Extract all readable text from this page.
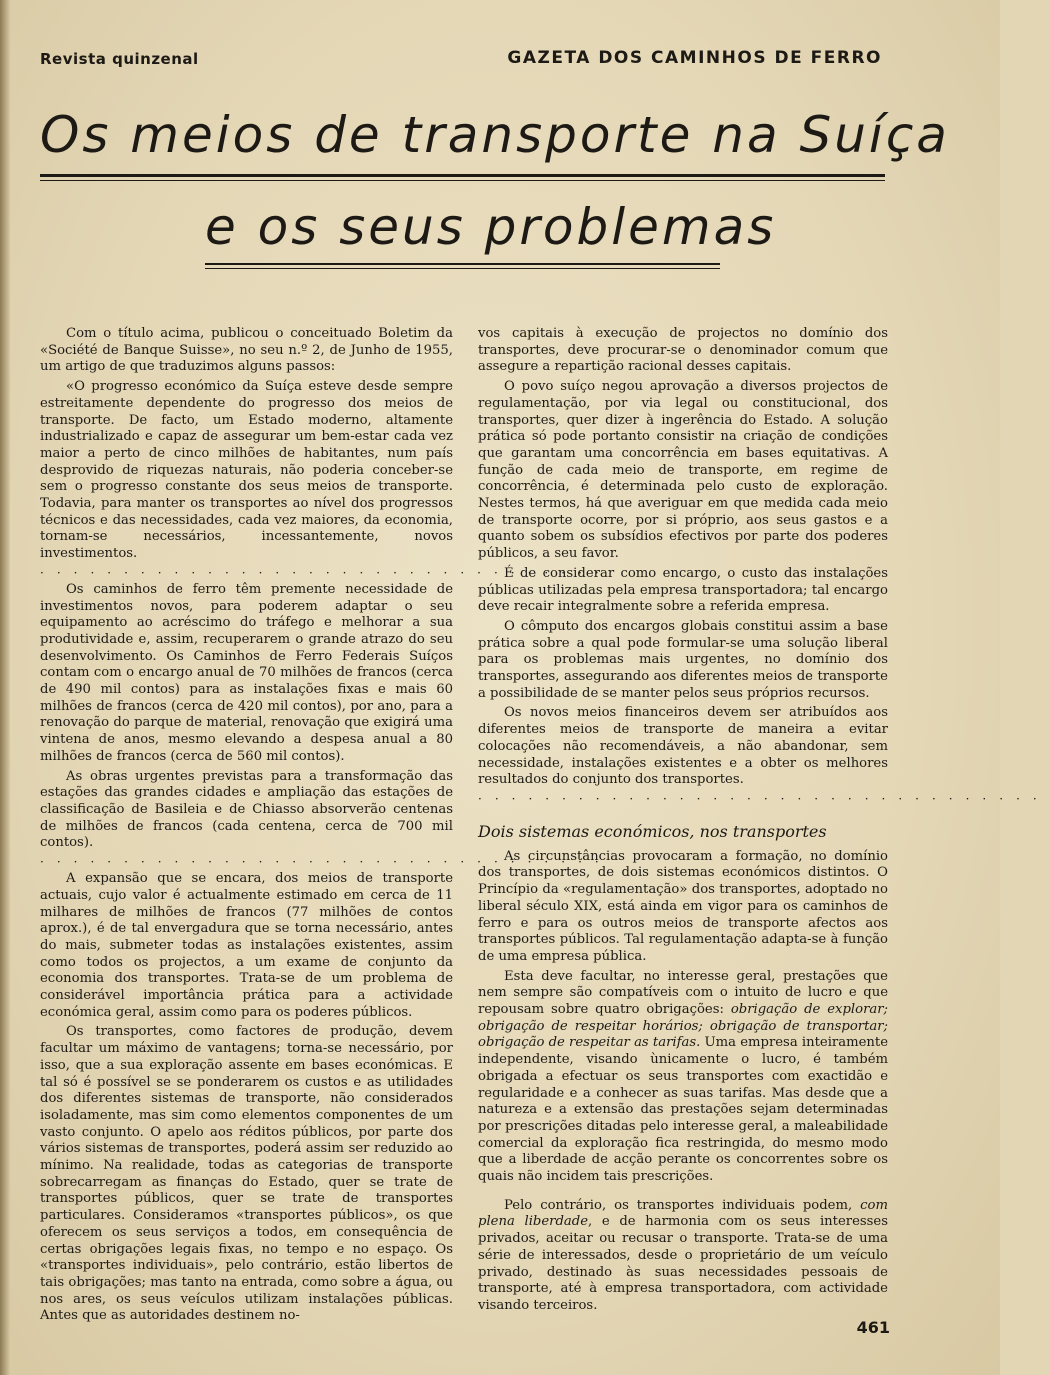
Revista quinzenal	GAZETA DOS CAMINHOS DE FERRO
Os meios de transporte na Suíça
e os seus problemas

Com o título acima, publicou o conceituado Boletim da «Société de Banque Suisse», no seu n.º 2, de Junho de 1955, um artigo de que traduzimos alguns passos:

«O progresso económico da Suíça esteve desde sempre estreitamente dependente do progresso dos meios de transporte. De facto, um Estado moderno, altamente industrializado e capaz de assegurar um bem-estar cada vez maior a perto de cinco milhões de habitantes, num país desprovido de riquezas naturais, não poderia conceber-se sem o progresso constante dos seus meios de transporte. Todavia, para manter os transportes ao nível dos progressos técnicos e das necessidades, cada vez maiores, da economia, tornam-se necessários, incessantemente, novos investimentos.

··································

Os caminhos de ferro têm premente necessidade de investimentos novos, para poderem adaptar o seu equipamento ao acréscimo do tráfego e melhorar a sua produtividade e, assim, recuperarem o grande atrazo do seu desenvolvimento. Os Caminhos de Ferro Federais Suíços contam com o encargo anual de 70 milhões de francos (cerca de 490 mil contos) para as instalações fixas e mais 60 milhões de francos (cerca de 420 mil contos), por ano, para a renovação do parque de material, renovação que exigirá uma vintena de anos, mesmo elevando a despesa anual a 80 milhões de francos (cerca de 560 mil contos).

As obras urgentes previstas para a transformação das estações das grandes cidades e ampliação das estações de classificação de Basileia e de Chiasso absorverão centenas de milhões de francos (cada centena, cerca de 700 mil contos).

··································

A expansão que se encara, dos meios de transporte actuais, cujo valor é actualmente estimado em cerca de 11 milhares de milhões de francos (77 milhões de contos aprox.), é de tal envergadura que se torna necessário, antes do mais, submeter todas as instalações existentes, assim como todos os projectos, a um exame de conjunto da economia dos transportes. Trata-se de um problema de considerável importância prática para a actividade económica geral, assim como para os poderes públicos.

Os transportes, como factores de produção, devem facultar um máximo de vantagens; torna-se necessário, por isso, que a sua exploração assente em bases económicas. E tal só é possível se se ponderarem os custos e as utilidades dos diferentes sistemas de transporte, não considerados isoladamente, mas sim como elementos componentes de um vasto conjunto. O apelo aos réditos públicos, por parte dos vários sistemas de transportes, poderá assim ser reduzido ao mínimo. Na realidade, todas as categorias de transporte sobrecarregam as finanças do Estado, quer se trate de transportes públicos, quer se trate de transportes particulares. Consideramos «transportes públicos», os que oferecem os seus serviços a todos, em consequência de certas obrigações legais fixas, no tempo e no espaço. Os «transportes individuais», pelo contrário, estão libertos de tais obrigações; mas tanto na entrada, como sobre a água, ou nos ares, os seus veículos utilizam instalações públicas. Antes que as autoridades destinem no-

vos capitais à execução de projectos no domínio dos transportes, deve procurar-se o denominador comum que assegure a repartição racional desses capitais.

O povo suíço negou aprovação a diversos projectos de regulamentação, por via legal ou constitucional, dos transportes, quer dizer à ingerência do Estado. A solução prática só pode portanto consistir na criação de condições que garantam uma concorrência em bases equitativas. A função de cada meio de transporte, em regime de concorrência, é determinada pelo custo de exploração. Nestes termos, há que averiguar em que medida cada meio de transporte ocorre, por si próprio, aos seus gastos e a quanto sobem os subsídios efectivos por parte dos poderes públicos, a seu favor.

É de considerar como encargo, o custo das instalações públicas utilizadas pela empresa transportadora; tal encargo deve recair integralmente sobre a referida empresa.

O cômputo dos encargos globais constitui assim a base prática sobre a qual pode formular-se uma solução liberal para os problemas mais urgentes, no domínio dos transportes, assegurando aos diferentes meios de transporte a possibilidade de se manter pelos seus próprios recursos.

Os novos meios financeiros devem ser atribuídos aos diferentes meios de transporte de maneira a evitar colocações não recomendáveis, a não abandonar, sem necessidade, instalações existentes e a obter os melhores resultados do conjunto dos transportes.

··································
Dois sistemas económicos, nos transportes

As circunstâncias provocaram a formação, no domínio dos transportes, de dois sistemas económicos distintos. O Princípio da «regulamentação» dos transportes, adoptado no liberal século XIX, está ainda em vigor para os caminhos de ferro e para os outros meios de transporte afectos aos transportes públicos. Tal regulamentação adapta-se à função de uma empresa pública.

Esta deve facultar, no interesse geral, prestações que nem sempre são compatíveis com o intuito de lucro e que repousam sobre quatro obrigações: obrigação de explorar; obrigação de respeitar horários; obrigação de transportar; obrigação de respeitar as tarifas. Uma empresa inteiramente independente, visando ùnicamente o lucro, é também obrigada a efectuar os seus transportes com exactidão e regularidade e a conhecer as suas tarifas. Mas desde que a natureza e a extensão das prestações sejam determinadas por prescrições ditadas pelo interesse geral, a maleabilidade comercial da exploração fica restringida, do mesmo modo que a liberdade de acção perante os concorrentes sobre os quais não incidem tais prescrições.

Pelo contrário, os transportes individuais podem, com plena liberdade, e de harmonia com os seus interesses privados, aceitar ou recusar o transporte. Trata-se de uma série de interessados, desde o proprietário de um veículo privado, destinado às suas necessidades pessoais de transporte, até à empresa transportadora, com actividade visando terceiros.

461
